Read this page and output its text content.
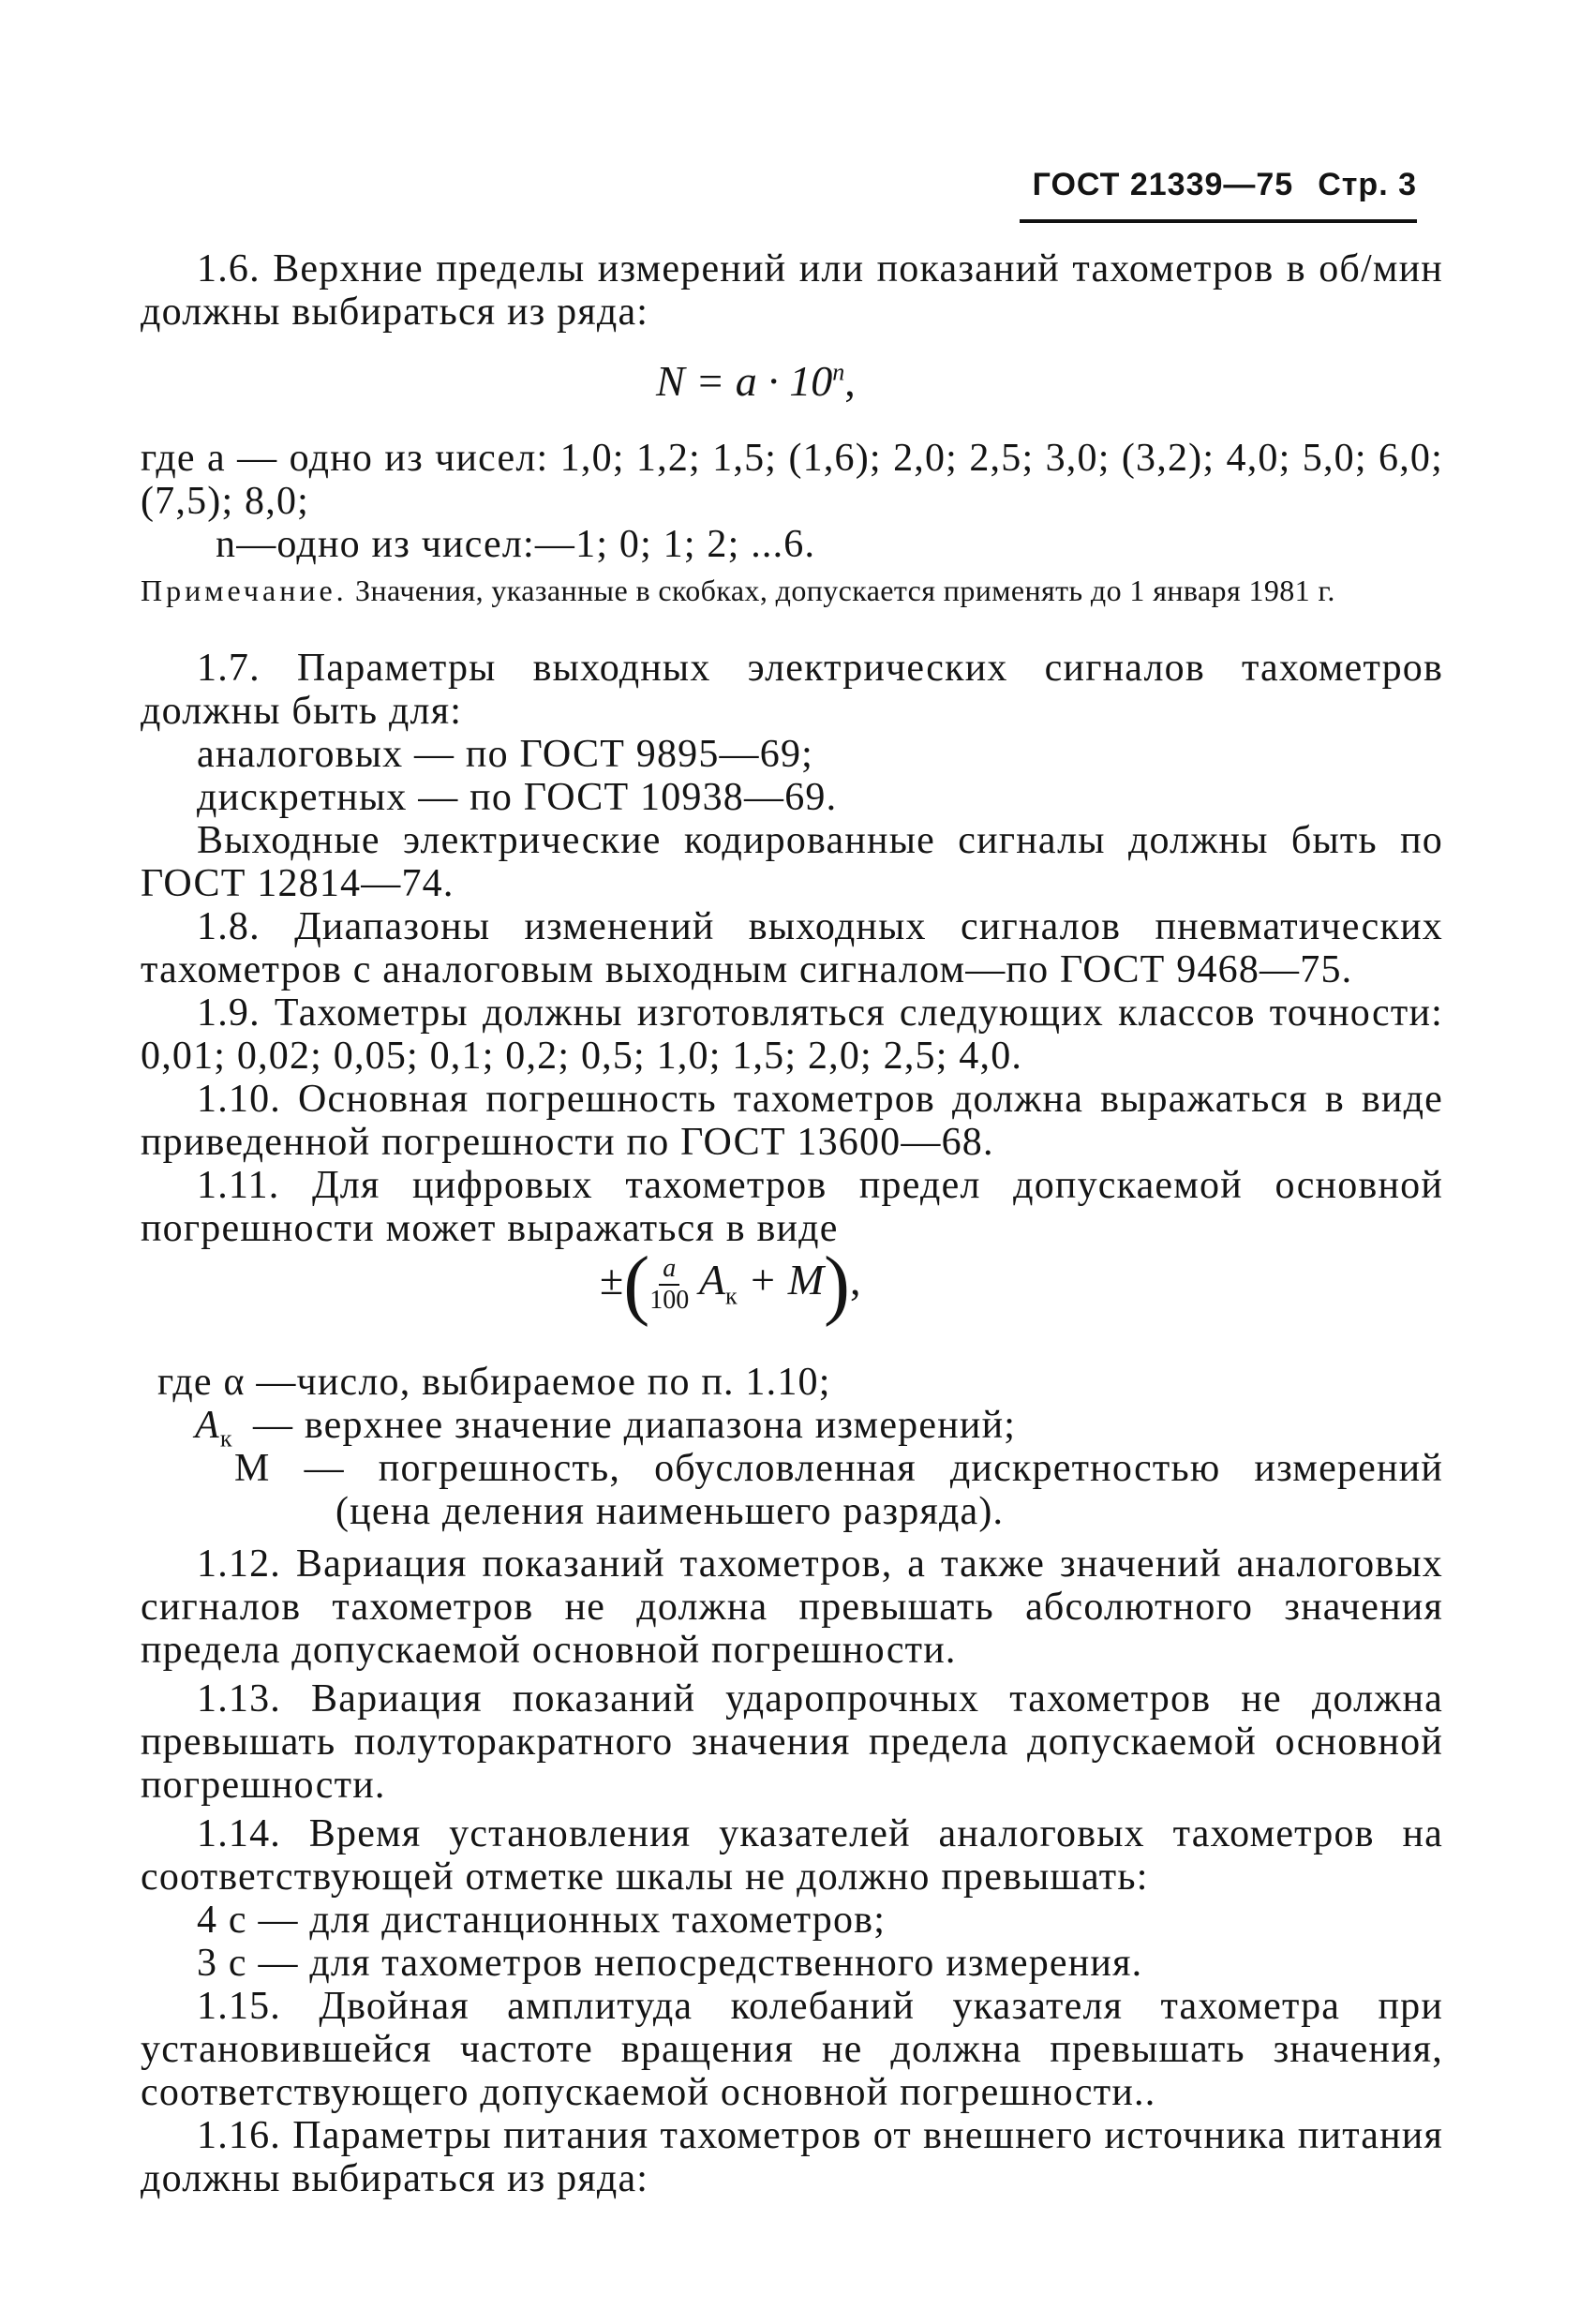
ГОСТ 21339—75 Стр. 3

1.6. Верхние пределы измерений или показаний тахометров в об/мин должны выбираться из ряда:

$N = a \cdot 10^n$,

где a — одно из чисел: 1,0; 1,2; 1,5; (1,6); 2,0; 2,5; 3,0; (3,2); 4,0; 5,0; 6,0; (7,5); 8,0;

n—одно из чисел:—1; 0; 1; 2; ...6.

Примечание. Значения, указанные в скобках, допускается применять до 1 января 1981 г.

1.7. Параметры выходных электрических сигналов тахометров должны быть для:

аналоговых — по ГОСТ 9895—69;

дискретных — по ГОСТ 10938—69.

Выходные электрические кодированные сигналы должны быть по ГОСТ 12814—74.

1.8. Диапазоны изменений выходных сигналов пневматических тахометров с аналоговым выходным сигналом—по ГОСТ 9468—75.

1.9. Тахометры должны изготовляться следующих классов точности: 0,01; 0,02; 0,05; 0,1; 0,2; 0,5; 1,0; 1,5; 2,0; 2,5; 4,0.

1.10. Основная погрешность тахометров должна выражаться в виде приведенной погрешности по ГОСТ 13600—68.

1.11. Для цифровых тахометров предел допускаемой основной погрешности может выражаться в виде

±( $\frac{a}{100} A_к + M$),
где α —число, выбираемое по п. 1.10;
$A_к$ — верхнее значение диапазона измерений;
M — погрешность, обусловленная дискретностью измерений
(цена деления наименьшего разряда).

1.12. Вариация показаний тахометров, а также значений аналоговых сигналов тахометров не должна превышать абсолютного значения предела допускаемой основной погрешности.

1.13. Вариация показаний ударопрочных тахометров не должна превышать полуторакратного значения предела допускаемой основной погрешности.

1.14. Время установления указателей аналоговых тахометров на соответствующей отметке шкалы не должно превышать:

4 с — для дистанционных тахометров;

3 с — для тахометров непосредственного измерения.

1.15. Двойная амплитуда колебаний указателя тахометра при установившейся частоте вращения не должна превышать значения, соответствующего допускаемой основной погрешности..

1.16. Параметры питания тахометров от внешнего источника питания должны выбираться из ряда:
